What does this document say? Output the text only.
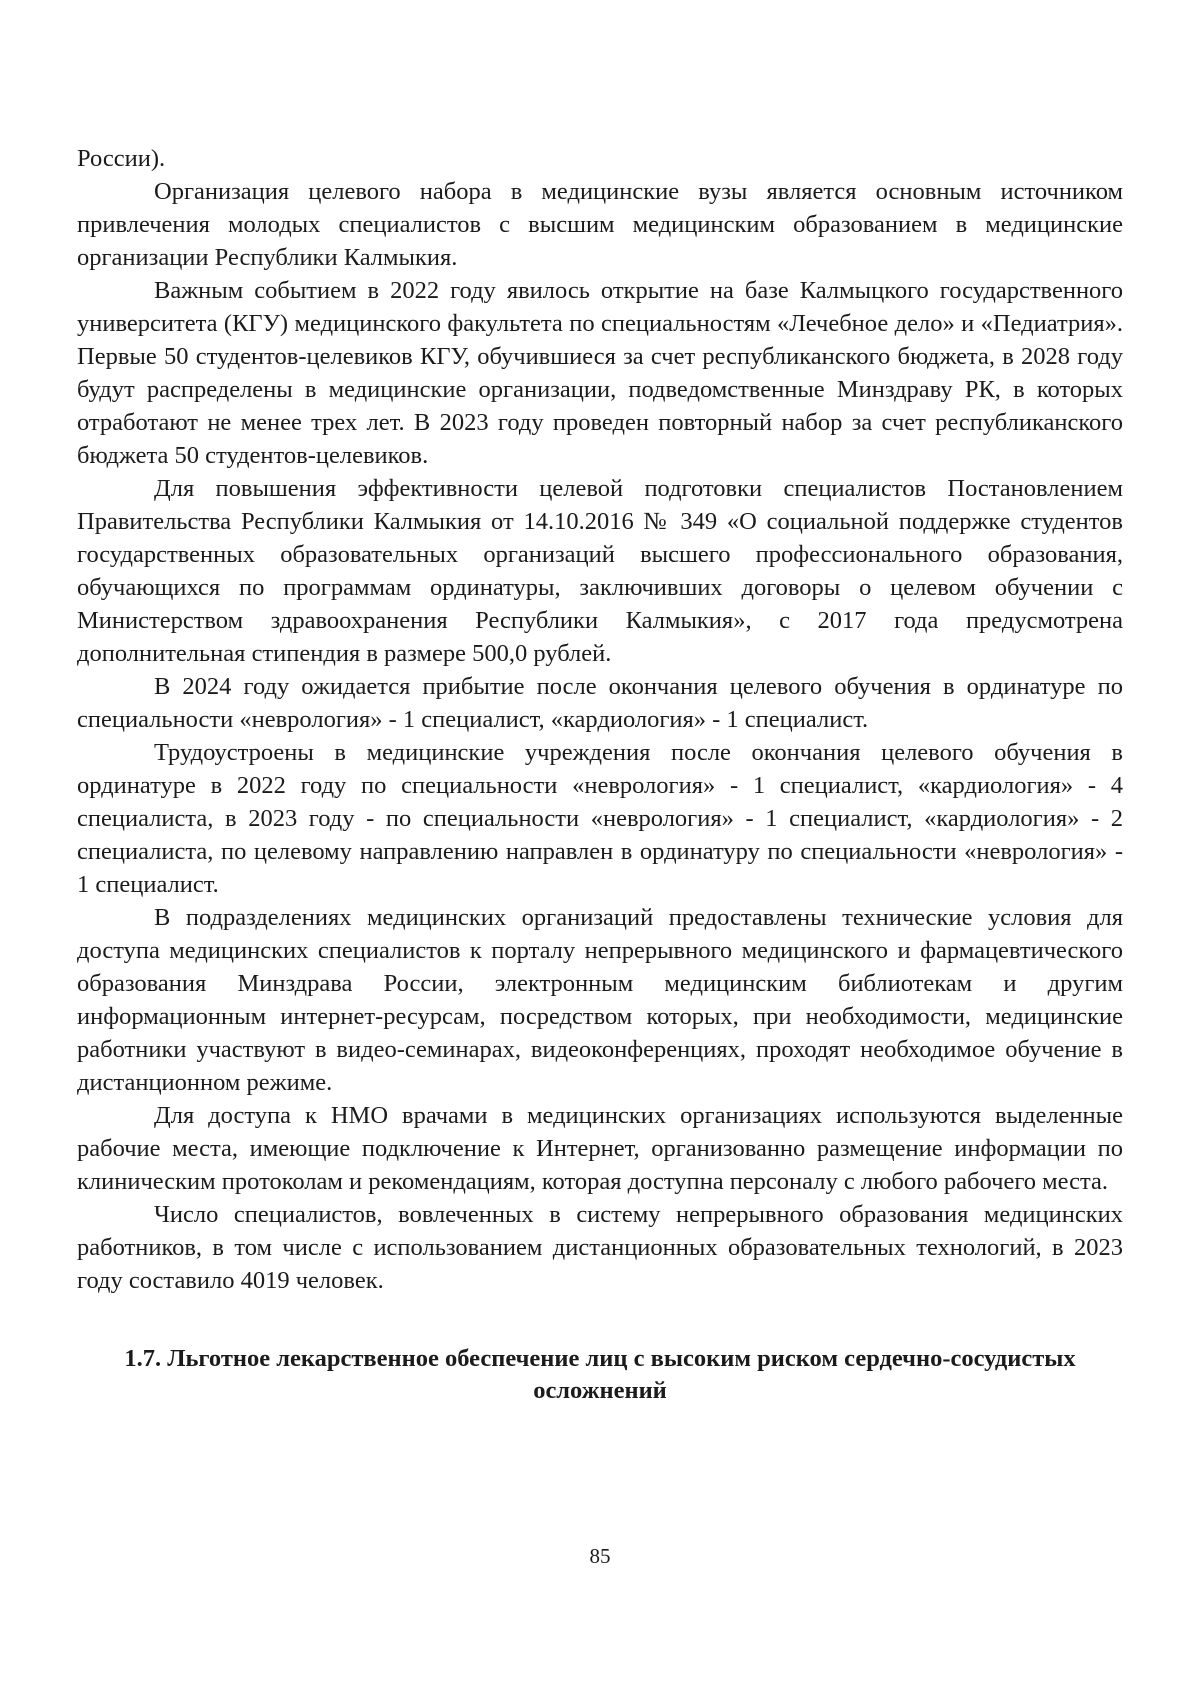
России).

Организация целевого набора в медицинские вузы является основным источником привлечения молодых специалистов с высшим медицинским образованием в медицинские организации Республики Калмыкия.

Важным событием в 2022 году явилось открытие на базе Калмыцкого государственного университета (КГУ) медицинского факультета по специальностям «Лечебное дело» и «Педиатрия». Первые 50 студентов-целевиков КГУ, обучившиеся за счет республиканского бюджета, в 2028 году будут распределены в медицинские организации, подведомственные Минздраву РК, в которых отработают не менее трех лет. В 2023 году проведен повторный набор за счет республиканского бюджета 50 студентов-целевиков.

Для повышения эффективности целевой подготовки специалистов Постановлением Правительства Республики Калмыкия от 14.10.2016 № 349 «О социальной поддержке студентов государственных образовательных организаций высшего профессионального образования, обучающихся по программам ординатуры, заключивших договоры о целевом обучении с Министерством здравоохранения Республики Калмыкия», с 2017 года предусмотрена дополнительная стипендия в размере 500,0 рублей.

В 2024 году ожидается прибытие после окончания целевого обучения в ординатуре по специальности «неврология» - 1 специалист, «кардиология» - 1 специалист.

Трудоустроены в медицинские учреждения после окончания целевого обучения в ординатуре в 2022 году по специальности «неврология» - 1 специалист, «кардиология» - 4 специалиста, в 2023 году - по специальности «неврология» - 1 специалист, «кардиология» - 2 специалиста, по целевому направлению направлен в ординатуру по специальности «неврология» - 1 специалист.

В подразделениях медицинских организаций предоставлены технические условия для доступа медицинских специалистов к порталу непрерывного медицинского и фармацевтического образования Минздрава России, электронным медицинским библиотекам и другим информационным интернет-ресурсам, посредством которых, при необходимости, медицинские работники участвуют в видео-семинарах, видеоконференциях, проходят необходимое обучение в дистанционном режиме.

Для доступа к НМО врачами в медицинских организациях используются выделенные рабочие места, имеющие подключение к Интернет, организованно размещение информации по клиническим протоколам и рекомендациям, которая доступна персоналу с любого рабочего места.

Число специалистов, вовлеченных в систему непрерывного образования медицинских работников, в том числе с использованием дистанционных образовательных технологий, в 2023 году составило 4019 человек.

1.7. Льготное лекарственное обеспечение лиц с высоким риском сердечно-сосудистых осложнений
85
